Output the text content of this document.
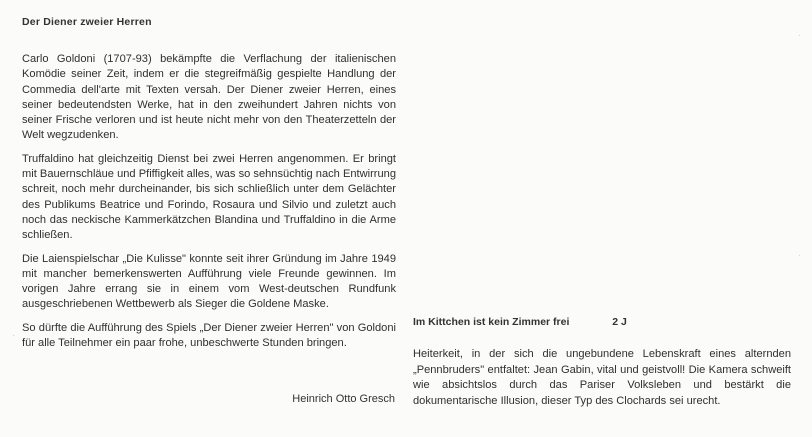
Der Diener zweier Herren

Carlo Goldoni (1707-93) bekämpfte die Verflachung der italienischen Komödie seiner Zeit, indem er die stegreifmäßig gespielte Handlung der Commedia dell'arte mit Texten versah. Der Diener zweier Herren, eines seiner bedeutendsten Werke, hat in den zweihundert Jahren nichts von seiner Frische verloren und ist heute nicht mehr von den Theaterzetteln der Welt wegzudenken.

Truffaldino hat gleichzeitig Dienst bei zwei Herren angenommen. Er bringt mit Bauernschläue und Pfiffigkeit alles, was so sehnsüchtig nach Entwirrung schreit, noch mehr durcheinander, bis sich schließlich unter dem Gelächter des Publikums Beatrice und Forindo, Rosaura und Silvio und zuletzt auch noch das neckische Kammerkätzchen Blandina und Truffaldino in die Arme schließen.

Die Laienspielschar „Die Kulisse" konnte seit ihrer Gründung im Jahre 1949 mit mancher bemerkenswerten Aufführung viele Freunde gewinnen. Im vorigen Jahre errang sie in einem vom West-deutschen Rundfunk ausgeschriebenen Wettbewerb als Sieger die Goldene Maske.

So dürfte die Aufführung des Spiels „Der Diener zweier Herren" von Goldoni für alle Teilnehmer ein paar frohe, unbeschwerte Stunden bringen.

Heinrich Otto Gresch
Im Kittchen ist kein Zimmer frei	2 J

Heiterkeit, in der sich die ungebundene Lebenskraft eines alternden „Pennbruders" entfaltet: Jean Gabin, vital und geistvoll! Die Kamera schweift wie absichtslos durch das Pariser Volksleben und bestärkt die dokumentarische Illusion, dieser Typ des Clochards sei urecht.

·
·
·
